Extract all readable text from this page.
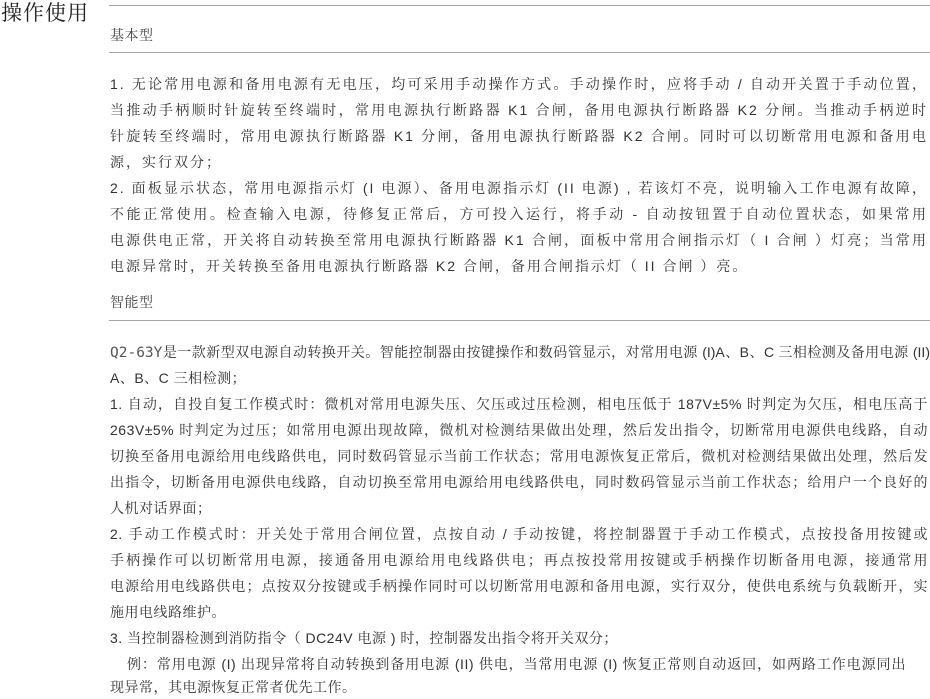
操作使用
基本型
1. 无论常用电源和备用电源有无电压，均可采用手动操作方式。手动操作时，应将手动 / 自动开关置于手动位置，
当推动手柄顺时针旋转至终端时，常用电源执行断路器 K1 合闸，备用电源执行断路器 K2 分闸。当推动手柄逆时
针旋转至终端时，常用电源执行断路器 K1 分闸，备用电源执行断路器 K2 合闸。同时可以切断常用电源和备用电
源，实行双分；
2. 面板显示状态，常用电源指示灯 (I 电源）、备用电源指示灯 (II 电源) , 若该灯不亮，说明输入工作电源有故障，
不能正常使用。检查输入电源，待修复正常后，方可投入运行，将手动 - 自动按钮置于自动位置状态，如果常用
电源供电正常，开关将自动转换至常用电源执行断路器 K1 合闸，面板中常用合闸指示灯（ I 合闸 ）灯亮；当常用
电源异常时，开关转换至备用电源执行断路器 K2 合闸，备用合闸指示灯（ II 合闸 ）亮。
智能型
Q2-63Y是一款新型双电源自动转换开关。智能控制器由按键操作和数码管显示，对常用电源 (I)A、B、C 三相检测及备用电源 (II)
A、B、C 三相检测；
1. 自动，自投自复工作模式时：微机对常用电源失压、欠压或过压检测，相电压低于 187V±5% 时判定为欠压，相电压高于
263V±5% 时判定为过压；如常用电源出现故障，微机对检测结果做出处理，然后发出指令，切断常用电源供电线路，自动
切换至备用电源给用电线路供电，同时数码管显示当前工作状态；常用电源恢复正常后，微机对检测结果做出处理，然后发
出指令，切断备用电源供电线路，自动切换至常用电源给用电线路供电，同时数码管显示当前工作状态；给用户一个良好的
人机对话界面；
2. 手动工作模式时：开关处于常用合闸位置，点按自动 / 手动按键，将控制器置于手动工作模式，点按投备用按键或
手柄操作可以切断常用电源，接通备用电源给用电线路供电；再点按投常用按键或手柄操作切断备用电源，接通常用
电源给用电线路供电；点按双分按键或手柄操作同时可以切断常用电源和备用电源，实行双分，使供电系统与负载断开，实
施用电线路维护。
3. 当控制器检测到消防指令（ DC24V 电源 ) 时，控制器发出指令将开关双分；
例：常用电源 (I) 出现异常将自动转换到备用电源 (II) 供电，当常用电源 (I) 恢复正常则自动返回，如两路工作电源同出
现异常，其电源恢复正常者优先工作。
